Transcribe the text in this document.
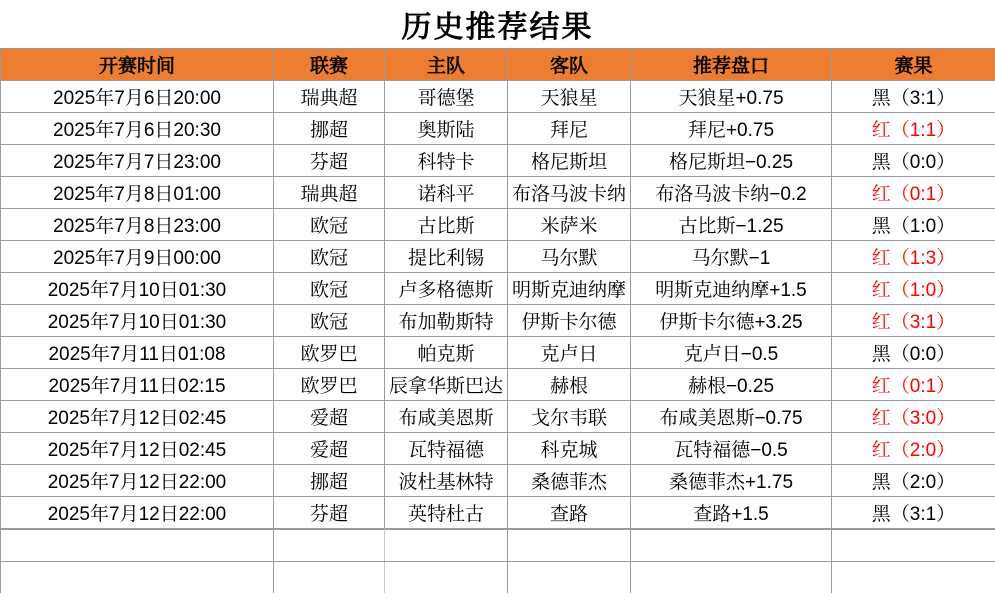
历史推荐结果
开赛时间	联赛	主队	客队	推荐盘口	赛果
2025年7月6日20:00	瑞典超	哥德堡	天狼星	天狼星+0.75	黑（3:1）
2025年7月6日20:30	挪超	奥斯陆	拜尼	拜尼+0.75	红（1:1）
2025年7月7日23:00	芬超	科特卡	格尼斯坦	格尼斯坦−0.25	黑（0:0）
2025年7月8日01:00	瑞典超	诺科平	布洛马波卡纳	布洛马波卡纳−0.2	红（0:1）
2025年7月8日23:00	欧冠	古比斯	米萨米	古比斯−1.25	黑（1:0）
2025年7月9日00:00	欧冠	提比利锡	马尔默	马尔默−1	红（1:3）
2025年7月10日01:30	欧冠	卢多格德斯	明斯克迪纳摩	明斯克迪纳摩+1.5	红（1:0）
2025年7月10日01:30	欧冠	布加勒斯特	伊斯卡尔德	伊斯卡尔德+3.25	红（3:1）
2025年7月11日01:08	欧罗巴	帕克斯	克卢日	克卢日−0.5	黑（0:0）
2025年7月11日02:15	欧罗巴	辰拿华斯巴达	赫根	赫根−0.25	红（0:1）
2025年7月12日02:45	爱超	布咸美恩斯	戈尔韦联	布咸美恩斯−0.75	红（3:0）
2025年7月12日02:45	爱超	瓦特福德	科克城	瓦特福德−0.5	红（2:0）
2025年7月12日22:00	挪超	波杜基林特	桑德菲杰	桑德菲杰+1.75	黑（2:0）
2025年7月12日22:00	芬超	英特杜古	查路	查路+1.5	黑（3:1）
